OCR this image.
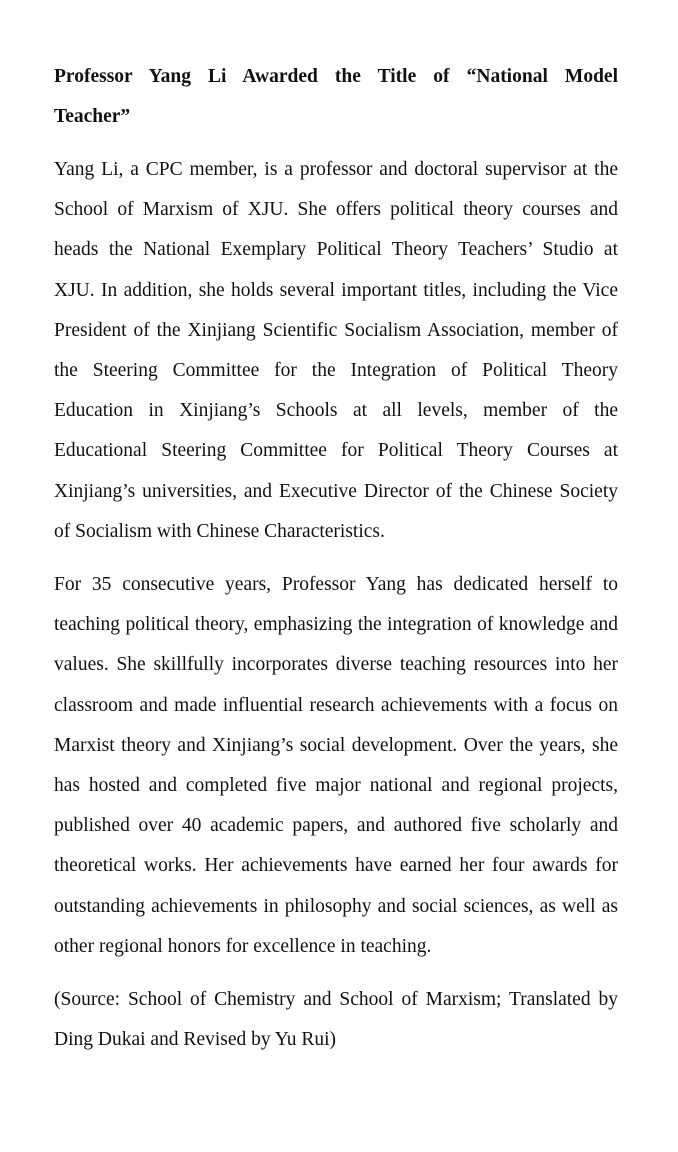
Professor Yang Li Awarded the Title of “National Model Teacher”
Yang Li, a CPC member, is a professor and doctoral supervisor at the School of Marxism of XJU. She offers political theory courses and heads the National Exemplary Political Theory Teachers’ Studio at XJU. In addition, she holds several important titles, including the Vice President of the Xinjiang Scientific Socialism Association, member of the Steering Committee for the Integration of Political Theory Education in Xinjiang’s Schools at all levels, member of the Educational Steering Committee for Political Theory Courses at Xinjiang’s universities, and Executive Director of the Chinese Society of Socialism with Chinese Characteristics.
For 35 consecutive years, Professor Yang has dedicated herself to teaching political theory, emphasizing the integration of knowledge and values. She skillfully incorporates diverse teaching resources into her classroom and made influential research achievements with a focus on Marxist theory and Xinjiang’s social development. Over the years, she has hosted and completed five major national and regional projects, published over 40 academic papers, and authored five scholarly and theoretical works. Her achievements have earned her four awards for outstanding achievements in philosophy and social sciences, as well as other regional honors for excellence in teaching.
(Source: School of Chemistry and School of Marxism; Translated by Ding Dukai and Revised by Yu Rui)
